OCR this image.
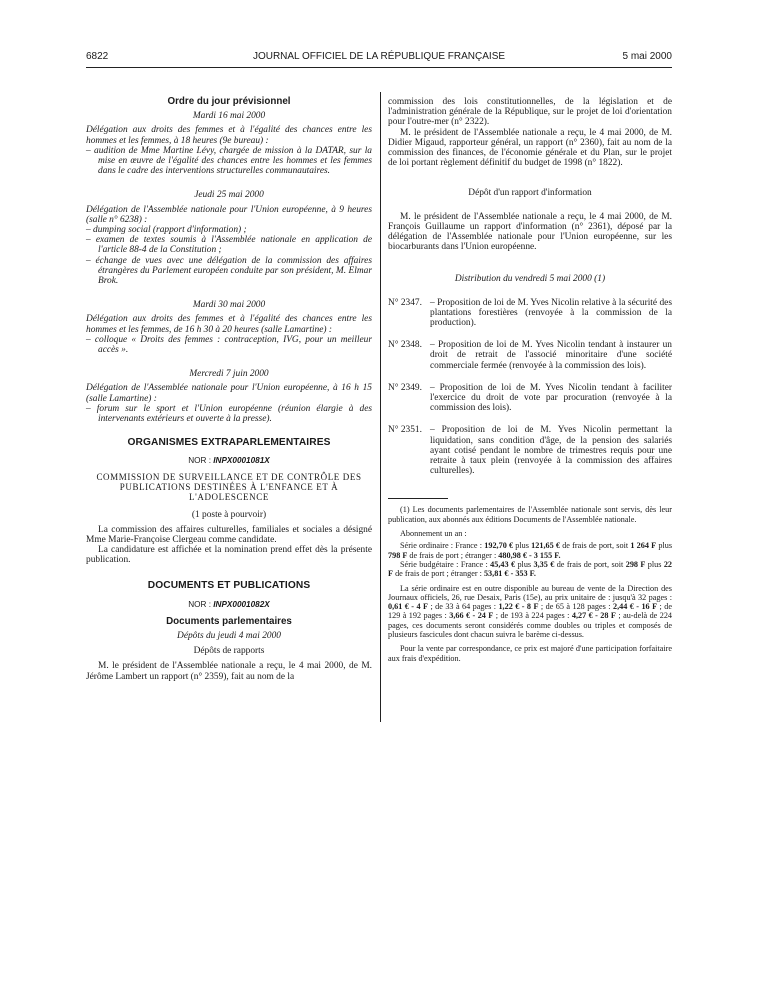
6822	JOURNAL OFFICIEL DE LA RÉPUBLIQUE FRANÇAISE	5 mai 2000

Ordre du jour prévisionnel

Mardi 16 mai 2000

Délégation aux droits des femmes et à l'égalité des chances entre les hommes et les femmes, à 18 heures (9e bureau) :

– audition de Mme Martine Lévy, chargée de mission à la DATAR, sur la mise en œuvre de l'égalité des chances entre les hommes et les femmes dans le cadre des interventions structurelles communautaires.

Jeudi 25 mai 2000

Délégation de l'Assemblée nationale pour l'Union européenne, à 9 heures (salle n° 6238) :

– dumping social (rapport d'information) ;

– examen de textes soumis à l'Assemblée nationale en application de l'article 88-4 de la Constitution ;

– échange de vues avec une délégation de la commission des affaires étrangères du Parlement européen conduite par son président, M. Elmar Brok.

Mardi 30 mai 2000

Délégation aux droits des femmes et à l'égalité des chances entre les hommes et les femmes, de 16 h 30 à 20 heures (salle Lamartine) :

– colloque « Droits des femmes : contraception, IVG, pour un meilleur accès ».

Mercredi 7 juin 2000

Délégation de l'Assemblée nationale pour l'Union européenne, à 16 h 15 (salle Lamartine) :

– forum sur le sport et l'Union européenne (réunion élargie à des intervenants extérieurs et ouverte à la presse).

ORGANISMES EXTRAPARLEMENTAIRES

NOR : INPX0001081X

COMMISSION DE SURVEILLANCE ET DE CONTRÔLE DES PUBLICATIONS DESTINÉES À L'ENFANCE ET À L'ADOLESCENCE

(1 poste à pourvoir)

La commission des affaires culturelles, familiales et sociales a désigné Mme Marie-Françoise Clergeau comme candidate.

La candidature est affichée et la nomination prend effet dès la présente publication.

DOCUMENTS ET PUBLICATIONS

NOR : INPX0001082X

Documents parlementaires

Dépôts du jeudi 4 mai 2000

Dépôts de rapports

M. le président de l'Assemblée nationale a reçu, le 4 mai 2000, de M. Jérôme Lambert un rapport (n° 2359), fait au nom de la

commission des lois constitutionnelles, de la législation et de l'administration générale de la République, sur le projet de loi d'orientation pour l'outre-mer (n° 2322).

M. le président de l'Assemblée nationale a reçu, le 4 mai 2000, de M. Didier Migaud, rapporteur général, un rapport (n° 2360), fait au nom de la commission des finances, de l'économie générale et du Plan, sur le projet de loi portant règlement définitif du budget de 1998 (n° 1822).

Dépôt d'un rapport d'information

M. le président de l'Assemblée nationale a reçu, le 4 mai 2000, de M. François Guillaume un rapport d'information (n° 2361), déposé par la délégation de l'Assemblée nationale pour l'Union européenne, sur les biocarburants dans l'Union européenne.

Distribution du vendredi 5 mai 2000 (1)

N° 2347. – Proposition de loi de M. Yves Nicolin relative à la sécurité des plantations forestières (renvoyée à la commission de la production).
N° 2348. – Proposition de loi de M. Yves Nicolin tendant à instaurer un droit de retrait de l'associé minoritaire d'une société commerciale fermée (renvoyée à la commission des lois).
N° 2349. – Proposition de loi de M. Yves Nicolin tendant à faciliter l'exercice du droit de vote par procuration (renvoyée à la commission des lois).
N° 2351. – Proposition de loi de M. Yves Nicolin permettant la liquidation, sans condition d'âge, de la pension des salariés ayant cotisé pendant le nombre de trimestres requis pour une retraite à taux plein (renvoyée à la commission des affaires culturelles).

(1) Les documents parlementaires de l'Assemblée nationale sont servis, dès leur publication, aux abonnés aux éditions Documents de l'Assemblée nationale.

Abonnement un an :

Série ordinaire : France : 192,70 € plus 121,65 € de frais de port, soit 1 264 F plus 798 F de frais de port ; étranger : 480,98 € - 3 155 F.

Série budgétaire : France : 45,43 € plus 3,35 € de frais de port, soit 298 F plus 22 F de frais de port ; étranger : 53,81 € - 353 F.

La série ordinaire est en outre disponible au bureau de vente de la Direction des Journaux officiels, 26, rue Desaix, Paris (15e), au prix unitaire de : jusqu'à 32 pages : 0,61 € - 4 F ; de 33 à 64 pages : 1,22 € - 8 F ; de 65 à 128 pages : 2,44 € - 16 F ; de 129 à 192 pages : 3,66 € - 24 F ; de 193 à 224 pages : 4,27 € - 28 F ; au-delà de 224 pages, ces documents seront considérés comme doubles ou triples et composés de plusieurs fascicules dont chacun suivra le barème ci-dessus.

Pour la vente par correspondance, ce prix est majoré d'une participation forfaitaire aux frais d'expédition.
